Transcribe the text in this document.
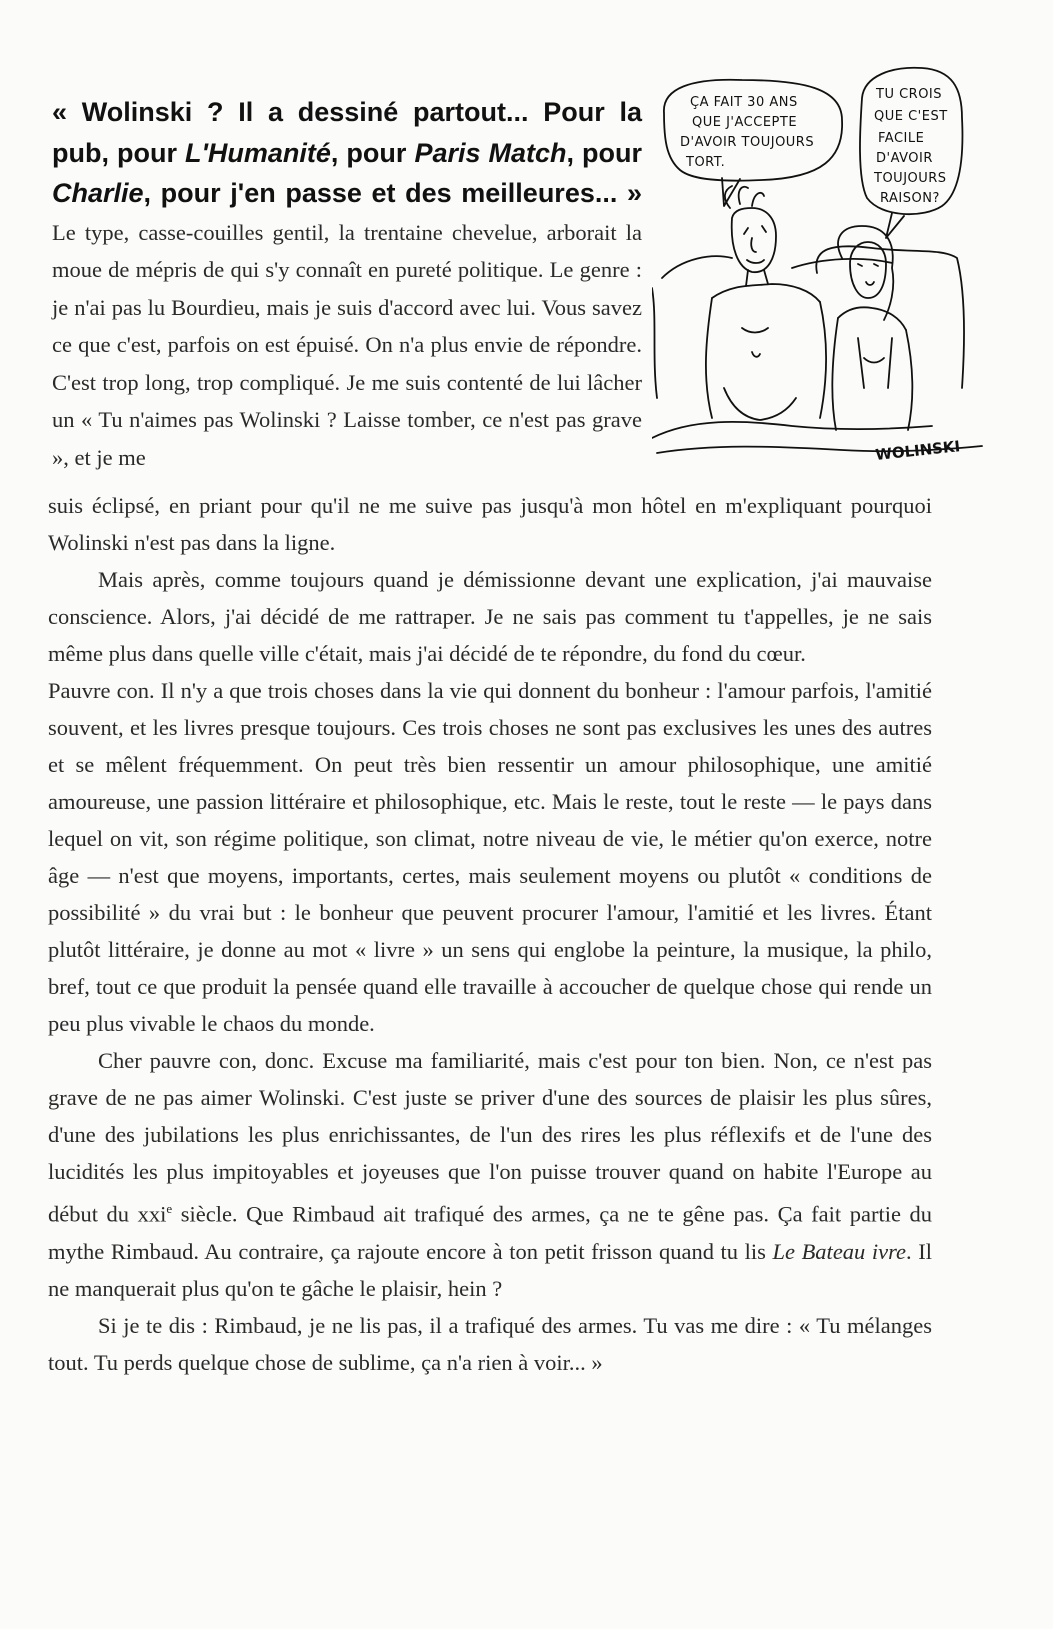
« Wolinski ? Il a dessiné partout... Pour la pub, pour L'Humanité, pour Paris Match, pour Charlie, pour j'en passe et des meilleures... » Le type, casse-couilles gentil, la trentaine chevelue, arborait la moue de mépris de qui s'y connaît en pureté politique. Le genre : je n'ai pas lu Bourdieu, mais je suis d'accord avec lui. Vous savez ce que c'est, parfois on est épuisé. On n'a plus envie de répondre. C'est trop long, trop compliqué. Je me suis contenté de lui lâcher un « Tu n'aimes pas Wolinski ? Laisse tomber, ce n'est pas grave », et je me

suis éclipsé, en priant pour qu'il ne me suive pas jusqu'à mon hôtel en m'expliquant pourquoi Wolinski n'est pas dans la ligne.

Mais après, comme toujours quand je démissionne devant une explication, j'ai mauvaise conscience. Alors, j'ai décidé de me rattraper. Je ne sais pas comment tu t'appelles, je ne sais même plus dans quelle ville c'était, mais j'ai décidé de te répondre, du fond du cœur.

Pauvre con. Il n'y a que trois choses dans la vie qui donnent du bonheur : l'amour parfois, l'amitié souvent, et les livres presque toujours. Ces trois choses ne sont pas exclusives les unes des autres et se mêlent fréquemment. On peut très bien ressentir un amour philosophique, une amitié amoureuse, une passion littéraire et philosophique, etc. Mais le reste, tout le reste — le pays dans lequel on vit, son régime politique, son climat, notre niveau de vie, le métier qu'on exerce, notre âge — n'est que moyens, importants, certes, mais seulement moyens ou plutôt « conditions de possibilité » du vrai but : le bonheur que peuvent procurer l'amour, l'amitié et les livres. Étant plutôt littéraire, je donne au mot « livre » un sens qui englobe la peinture, la musique, la philo, bref, tout ce que produit la pensée quand elle travaille à accoucher de quelque chose qui rende un peu plus vivable le chaos du monde.

Cher pauvre con, donc. Excuse ma familiarité, mais c'est pour ton bien. Non, ce n'est pas grave de ne pas aimer Wolinski. C'est juste se priver d'une des sources de plaisir les plus sûres, d'une des jubilations les plus enrichissantes, de l'un des rires les plus réflexifs et de l'une des lucidités les plus impitoyables et joyeuses que l'on puisse trouver quand on habite l'Europe au début du xxi$^e$ siècle. Que Rimbaud ait trafiqué des armes, ça ne te gêne pas. Ça fait partie du mythe Rimbaud. Au contraire, ça rajoute encore à ton petit frisson quand tu lis Le Bateau ivre. Il ne manquerait plus qu'on te gâche le plaisir, hein ?

Si je te dis : Rimbaud, je ne lis pas, il a trafiqué des armes. Tu vas me dire : « Tu mélanges tout. Tu perds quelque chose de sublime, ça n'a rien à voir... »

ÇA FAIT 30 ANS
QUE J'ACCEPTE
D'AVOIR TOUJOURS
TORT.
TU CROIS
QUE C'EST
FACILE
D'AVOIR
TOUJOURS
RAISON?
WOLINSKI
